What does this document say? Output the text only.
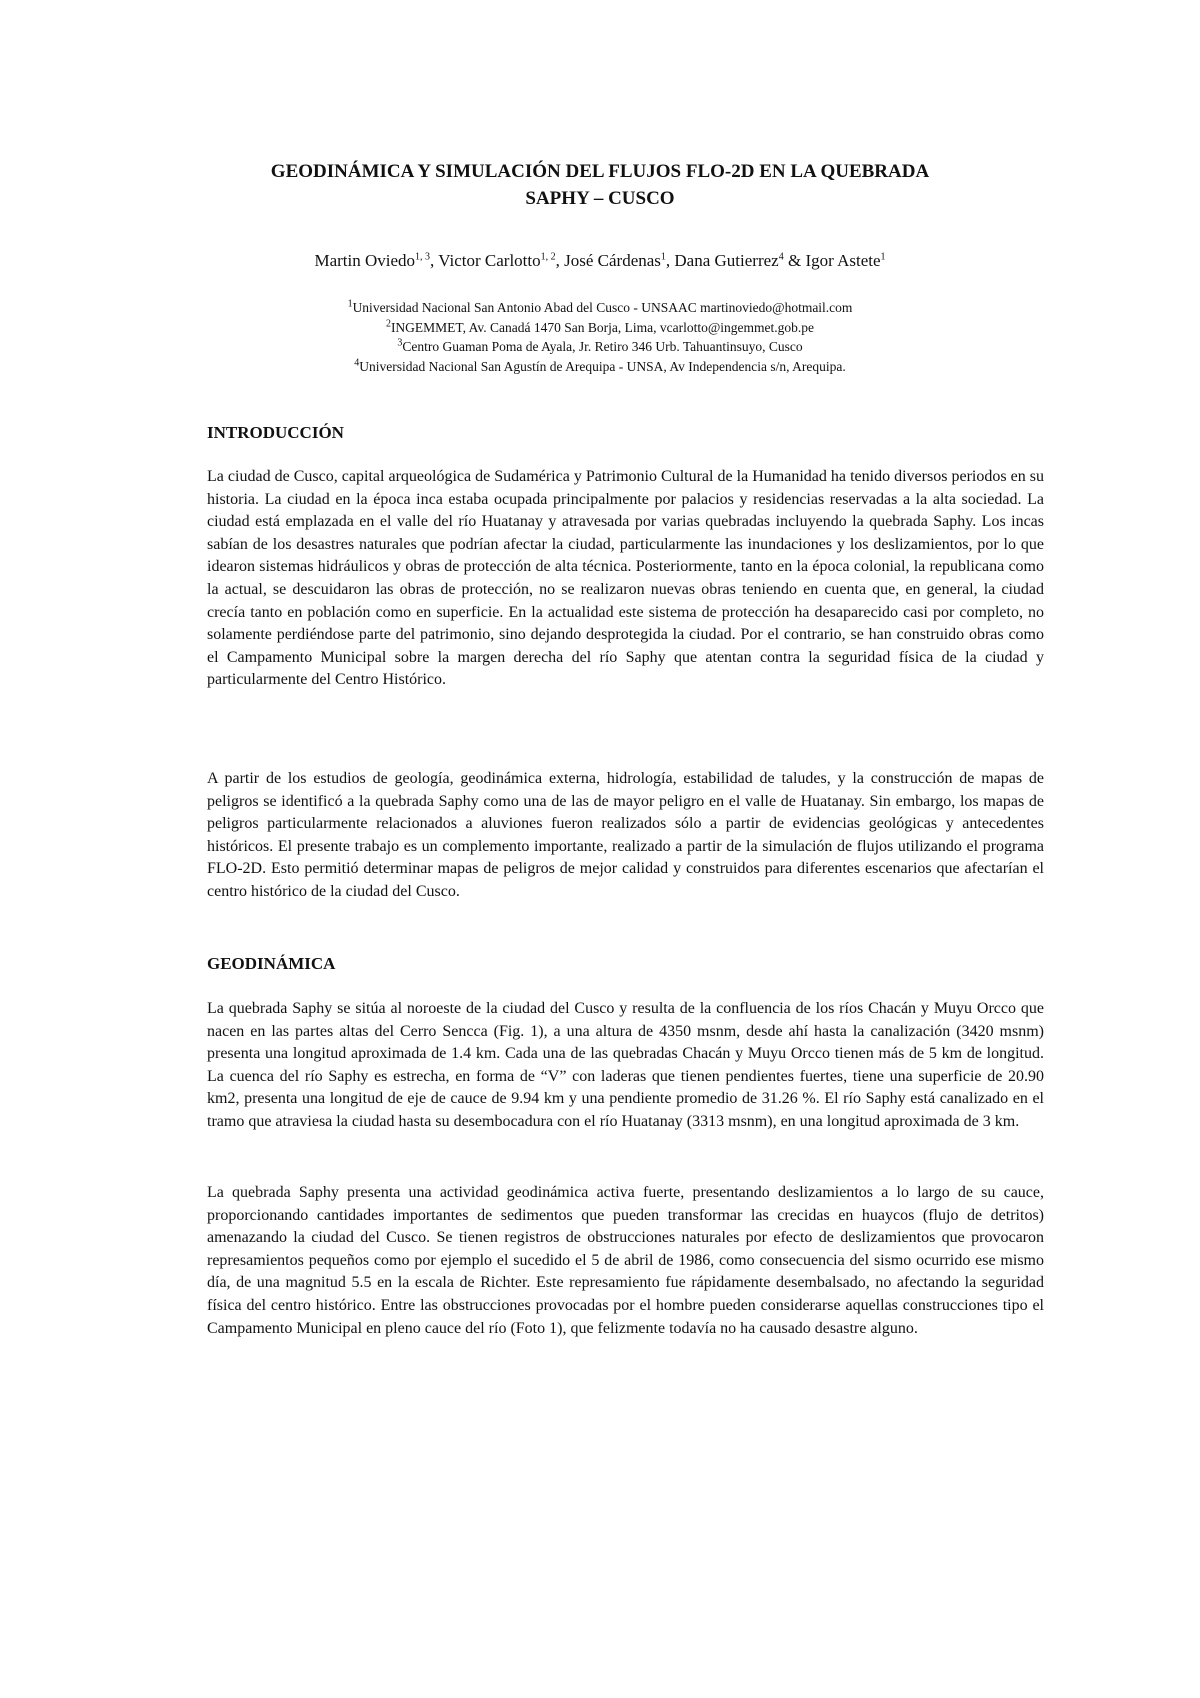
GEODINÁMICA Y SIMULACIÓN DEL FLUJOS FLO-2D EN LA QUEBRADA
SAPHY – CUSCO
Martin Oviedo$^{1, 3}$, Victor Carlotto$^{1, 2}$, José Cárdenas$^1$, Dana Gutierrez$^4$ & Igor Astete$^1$
$^1$Universidad Nacional San Antonio Abad del Cusco - UNSAAC martinoviedo@hotmail.com
$^2$INGEMMET, Av. Canadá 1470 San Borja, Lima, vcarlotto@ingemmet.gob.pe
$^3$Centro Guaman Poma de Ayala, Jr. Retiro 346 Urb. Tahuantinsuyo, Cusco
$^4$Universidad Nacional San Agustín de Arequipa - UNSA, Av Independencia s/n, Arequipa.
INTRODUCCIÓN

La ciudad de Cusco, capital arqueológica de Sudamérica y Patrimonio Cultural de la Humanidad ha tenido diversos periodos en su historia. La ciudad en la época inca estaba ocupada principalmente por palacios y residencias reservadas a la alta sociedad. La ciudad está emplazada en el valle del río Huatanay y atravesada por varias quebradas incluyendo la quebrada Saphy. Los incas sabían de los desastres naturales que podrían afectar la ciudad, particularmente las inundaciones y los deslizamientos, por lo que idearon sistemas hidráulicos y obras de protección de alta técnica. Posteriormente, tanto en la época colonial, la republicana como la actual, se descuidaron las obras de protección, no se realizaron nuevas obras teniendo en cuenta que, en general, la ciudad crecía tanto en población como en superficie. En la actualidad este sistema de protección ha desaparecido casi por completo, no solamente perdiéndose parte del patrimonio, sino dejando desprotegida la ciudad. Por el contrario, se han construido obras como el Campamento Municipal sobre la margen derecha del río Saphy que atentan contra la seguridad física de la ciudad y particularmente del Centro Histórico.

A partir de los estudios de geología, geodinámica externa, hidrología, estabilidad de taludes, y la construcción de mapas de peligros se identificó a la quebrada Saphy como una de las de mayor peligro en el valle de Huatanay. Sin embargo, los mapas de peligros particularmente relacionados a aluviones fueron realizados sólo a partir de evidencias geológicas y antecedentes históricos. El presente trabajo es un complemento importante, realizado a partir de la simulación de flujos utilizando el programa FLO-2D. Esto permitió determinar mapas de peligros de mejor calidad y construidos para diferentes escenarios que afectarían el centro histórico de la ciudad del Cusco.

GEODINÁMICA

La quebrada Saphy se sitúa al noroeste de la ciudad del Cusco y resulta de la confluencia de los ríos Chacán y Muyu Orcco que nacen en las partes altas del Cerro Sencca (Fig. 1), a una altura de 4350 msnm, desde ahí hasta la canalización (3420 msnm) presenta una longitud aproximada de 1.4 km. Cada una de las quebradas Chacán y Muyu Orcco tienen más de 5 km de longitud. La cuenca del río Saphy es estrecha, en forma de “V” con laderas que tienen pendientes fuertes, tiene una superficie de 20.90 km2, presenta una longitud de eje de cauce de 9.94 km y una pendiente promedio de 31.26 %. El río Saphy está canalizado en el tramo que atraviesa la ciudad hasta su desembocadura con el río Huatanay (3313 msnm), en una longitud aproximada de 3 km.

La quebrada Saphy presenta una actividad geodinámica activa fuerte, presentando deslizamientos a lo largo de su cauce, proporcionando cantidades importantes de sedimentos que pueden transformar las crecidas en huaycos (flujo de detritos) amenazando la ciudad del Cusco. Se tienen registros de obstrucciones naturales por efecto de deslizamientos que provocaron represamientos pequeños como por ejemplo el sucedido el 5 de abril de 1986, como consecuencia del sismo ocurrido ese mismo día, de una magnitud 5.5 en la escala de Richter. Este represamiento fue rápidamente desembalsado, no afectando la seguridad física del centro histórico. Entre las obstrucciones provocadas por el hombre pueden considerarse aquellas construcciones tipo el Campamento Municipal en pleno cauce del río (Foto 1), que felizmente todavía no ha causado desastre alguno.
